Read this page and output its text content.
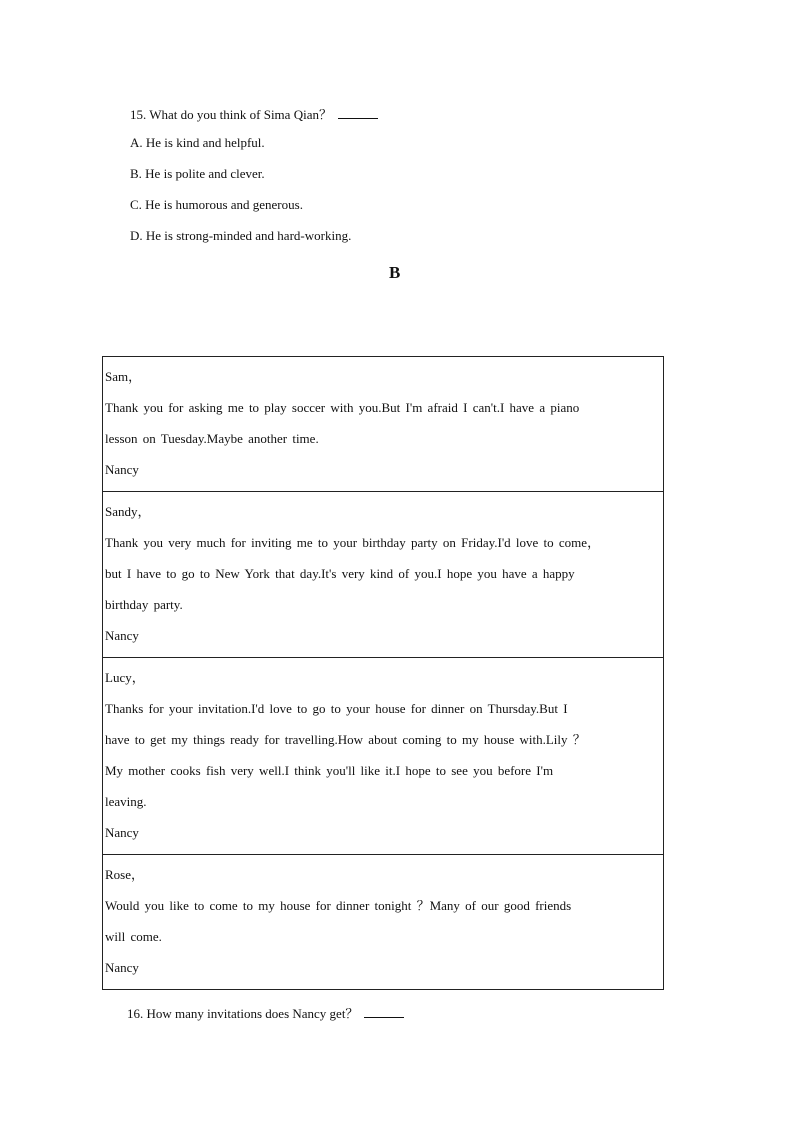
15. What do you think of Sima Qian？
A. He is kind and helpful.
B. He is polite and clever.
C. He is humorous and generous.
D. He is strong-minded and hard-working.
B
Sam，
Thank you for asking me to play soccer with you.But I'm afraid I can't.I have a piano
lesson on Tuesday.Maybe another time.
Nancy
Sandy，
Thank you very much for inviting me to your birthday party on Friday.I'd love to come，
but I have to go to New York that day.It's very kind of you.I hope you have a happy
birthday party.
Nancy
Lucy，
Thanks for your invitation.I'd love to go to your house for dinner on Thursday.But I
have to get my things ready for travelling.How about coming to my house with.Lily ？
My mother cooks fish very well.I think you'll like it.I hope to see you before I'm
leaving.
Nancy
Rose，
Would you like to come to my house for dinner tonight ？Many of our good friends
will come.
Nancy
16. How many invitations does Nancy get？
